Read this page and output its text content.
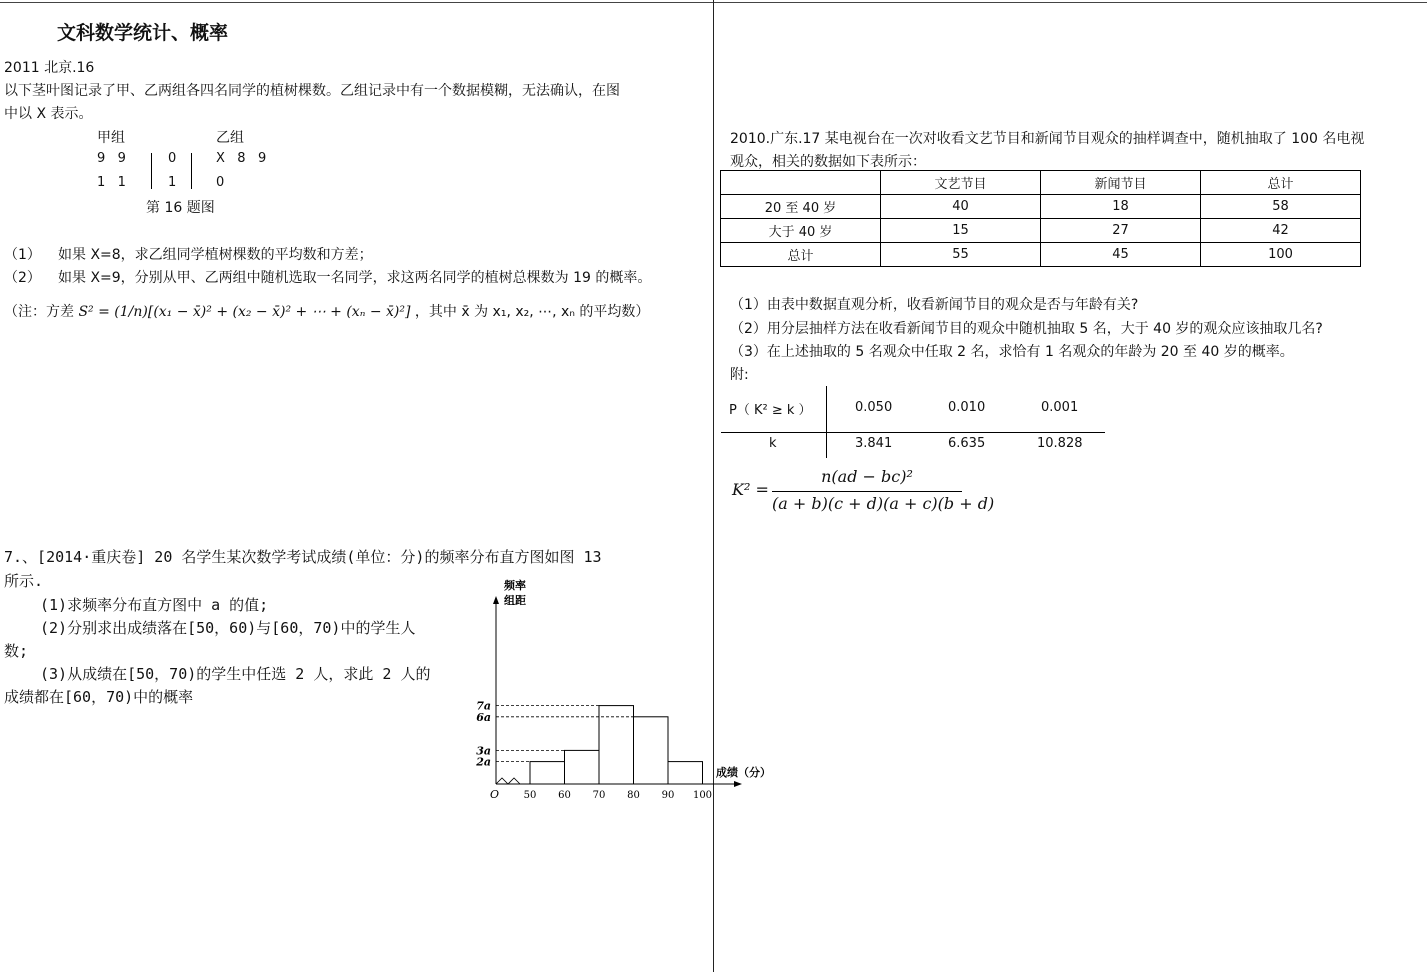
文科数学统计、概率
2011 北京.16
以下茎叶图记录了甲、乙两组各四名同学的植树棵数。乙组记录中有一个数据模糊，无法确认，在图
中以 X 表示。
甲组	乙组
9   9	0	X   8   9
1   1	1	0
第 16 题图
（1） 如果 X=8，求乙组同学植树棵数的平均数和方差；
（2） 如果 X=9，分别从甲、乙两组中随机选取一名同学，求这两名同学的植树总棵数为 19 的概率。
（注：方差 S² = (1/n)[(x₁ − x̄)² + (x₂ − x̄)² + ⋯ + (xₙ − x̄)²] ，其中 x̄ 为 x₁, x₂, ⋯, xₙ 的平均数）
7.、[2014·重庆卷] 20 名学生某次数学考试成绩(单位：分)的频率分布直方图如图 13
所示.
(1)求频率分布直方图中 a 的值;
(2)分别求出成绩落在[50，60)与[60，70)中的学生人
数;
(3)从成绩在[50，70)的学生中任选 2 人，求此 2 人的
成绩都在[60，70)中的概率
频率
组距
成绩（分）
O 50 60 70 80 90 100
2a
3a
6a
7a
2010.广东.17 某电视台在一次对收看文艺节目和新闻节目观众的抽样调查中，随机抽取了 100 名电视
观众，相关的数据如下表所示：
	文艺节目	新闻节目	总计
20 至 40 岁	40	18	58
大于 40 岁	15	27	42
总计	55	45	100
（1）由表中数据直观分析，收看新闻节目的观众是否与年龄有关?
（2）用分层抽样方法在收看新闻节目的观众中随机抽取 5 名，大于 40 岁的观众应该抽取几名?
（3）在上述抽取的 5 名观众中任取 2 名，求恰有 1 名观众的年龄为 20 至 40 岁的概率。
附:
P（ K² ≥ k ）	0.050	0.010	0.001
k	3.841	6.635	10.828
K² =
n(ad − bc)²
(a + b)(c + d)(a + c)(b + d)
